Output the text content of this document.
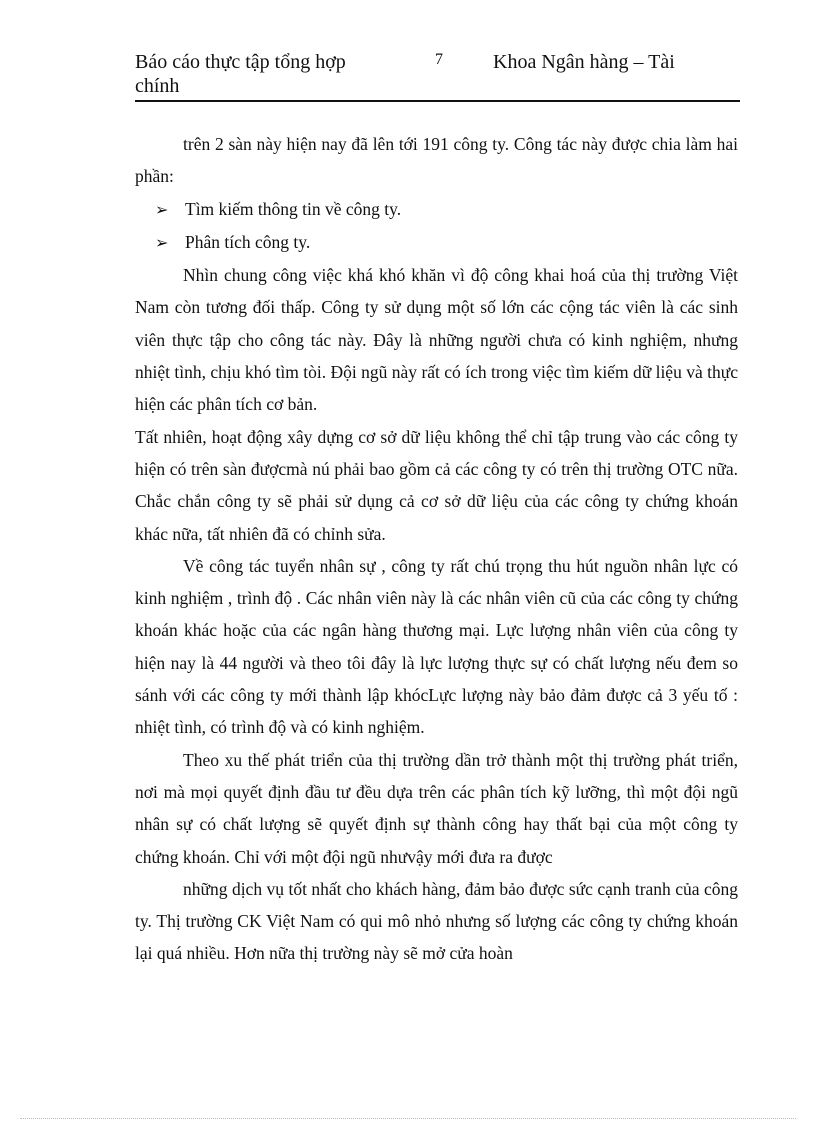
Báo cáo thực tập tổng hợp chính
7	Khoa Ngân hàng – Tài

trên 2 sàn này hiện nay đã lên tới 191 công ty. Công tác này được chia làm hai phần:

➢ Tìm kiếm thông tin về công ty.
➢ Phân tích công ty.

Nhìn chung công việc khá khó khăn vì độ công khai hoá của thị trường Việt Nam còn tương đối thấp. Công ty sử dụng một số lớn các cộng tác viên là các sinh viên thực tập cho công tác này. Đây là những người chưa có kinh nghiệm, nhưng nhiệt tình, chịu khó tìm tòi. Đội ngũ này rất có ích trong việc tìm kiếm dữ liệu và thực hiện các phân tích cơ bản.

Tất nhiên, hoạt động xây dựng cơ sở dữ liệu không thể chỉ tập trung vào các công ty hiện có trên sàn đượcmà nú phải bao gồm cả các công ty có trên thị trường OTC nữa. Chắc chắn công ty sẽ phải sử dụng cả cơ sở dữ liệu của các công ty chứng khoán khác nữa, tất nhiên đã có chỉnh sửa.

Về công tác tuyển nhân sự , công ty rất chú trọng thu hút nguồn nhân lực có kinh nghiệm , trình độ . Các nhân viên này là các nhân viên cũ của các công ty chứng khoán khác hoặc của các ngân hàng thương mại. Lực lượng nhân viên của công ty hiện nay là 44 người và theo tôi đây là lực lượng thực sự có chất lượng nếu đem so sánh với các công ty mới thành lập khócLực lượng này bảo đảm được cả 3 yếu tố : nhiệt tình, có trình độ và có kinh nghiệm.

Theo xu thế phát triển của thị trường dần trở thành một thị trường phát triển, nơi mà mọi quyết định đầu tư đều dựa trên các phân tích kỹ lưỡng, thì một đội ngũ nhân sự có chất lượng sẽ quyết định sự thành công hay thất bại của một công ty chứng khoán. Chỉ với một đội ngũ nhưvậy mới đưa ra được

những dịch vụ tốt nhất cho khách hàng, đảm bảo được sức cạnh tranh của công ty. Thị trường CK Việt Nam có qui mô nhỏ nhưng số lượng các công ty chứng khoán lại quá nhiều. Hơn nữa thị trường này sẽ mở cửa hoàn
